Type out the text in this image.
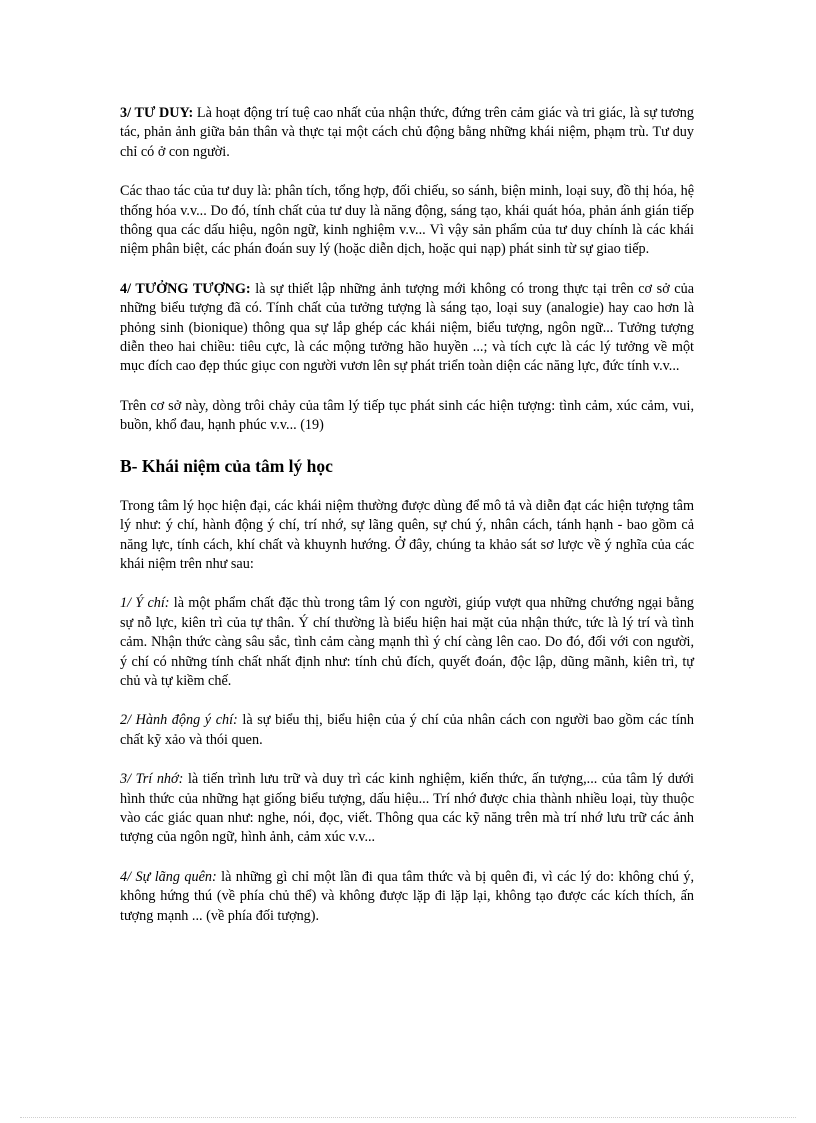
3/ TƯ DUY: Là hoạt động trí tuệ cao nhất của nhận thức, đứng trên cảm giác và tri giác, là sự tương tác, phản ảnh giữa bản thân và thực tại một cách chủ động bằng những khái niệm, phạm trù. Tư duy chỉ có ở con người.

Các thao tác của tư duy là: phân tích, tổng hợp, đối chiếu, so sánh, biện minh, loại suy, đồ thị hóa, hệ thống hóa v.v... Do đó, tính chất của tư duy là năng động, sáng tạo, khái quát hóa, phản ánh gián tiếp thông qua các dấu hiệu, ngôn ngữ, kinh nghiệm v.v... Vì vậy sản phẩm của tư duy chính là các khái niệm phân biệt, các phán đoán suy lý (hoặc diễn dịch, hoặc qui nạp) phát sinh từ sự giao tiếp.

4/ TƯỞNG TƯỢNG: là sự thiết lập những ảnh tượng mới không có trong thực tại trên cơ sở của những biểu tượng đã có. Tính chất của tưởng tượng là sáng tạo, loại suy (analogie) hay cao hơn là phỏng sinh (bionique) thông qua sự lắp ghép các khái niệm, biểu tượng, ngôn ngữ... Tưởng tượng diễn theo hai chiều: tiêu cực, là các mộng tưởng hão huyền ...; và tích cực là các lý tưởng về một mục đích cao đẹp thúc giục con người vươn lên sự phát triển toàn diện các năng lực, đức tính v.v...

Trên cơ sở này, dòng trôi chảy của tâm lý tiếp tục phát sinh các hiện tượng: tình cảm, xúc cảm, vui, buồn, khổ đau, hạnh phúc v.v... (19)

B- Khái niệm của tâm lý học

Trong tâm lý học hiện đại, các khái niệm thường được dùng để mô tả và diễn đạt các hiện tượng tâm lý như: ý chí, hành động ý chí, trí nhớ, sự lãng quên, sự chú ý, nhân cách, tánh hạnh - bao gồm cả năng lực, tính cách, khí chất và khuynh hướng. Ở đây, chúng ta khảo sát sơ lược về ý nghĩa của các khái niệm trên như sau:

1/ Ý chí: là một phẩm chất đặc thù trong tâm lý con người, giúp vượt qua những chướng ngại bằng sự nỗ lực, kiên trì của tự thân. Ý chí thường là biểu hiện hai mặt của nhận thức, tức là lý trí và tình cảm. Nhận thức càng sâu sắc, tình cảm càng mạnh thì ý chí càng lên cao. Do đó, đối với con người, ý chí có những tính chất nhất định như: tính chủ đích, quyết đoán, độc lập, dũng mãnh, kiên trì, tự chủ và tự kiềm chế.

2/ Hành động ý chí: là sự biểu thị, biểu hiện của ý chí của nhân cách con người bao gồm các tính chất kỹ xảo và thói quen.

3/ Trí nhớ: là tiến trình lưu trữ và duy trì các kinh nghiệm, kiến thức, ấn tượng,... của tâm lý dưới hình thức của những hạt giống biểu tượng, dấu hiệu... Trí nhớ được chia thành nhiều loại, tùy thuộc vào các giác quan như: nghe, nói, đọc, viết. Thông qua các kỹ năng trên mà trí nhớ lưu trữ các ảnh tượng của ngôn ngữ, hình ảnh, cảm xúc v.v...

4/ Sự lãng quên: là những gì chỉ một lần đi qua tâm thức và bị quên đi, vì các lý do: không chú ý, không hứng thú (về phía chủ thể) và không được lặp đi lặp lại, không tạo được các kích thích, ấn tượng mạnh ... (về phía đối tượng).
